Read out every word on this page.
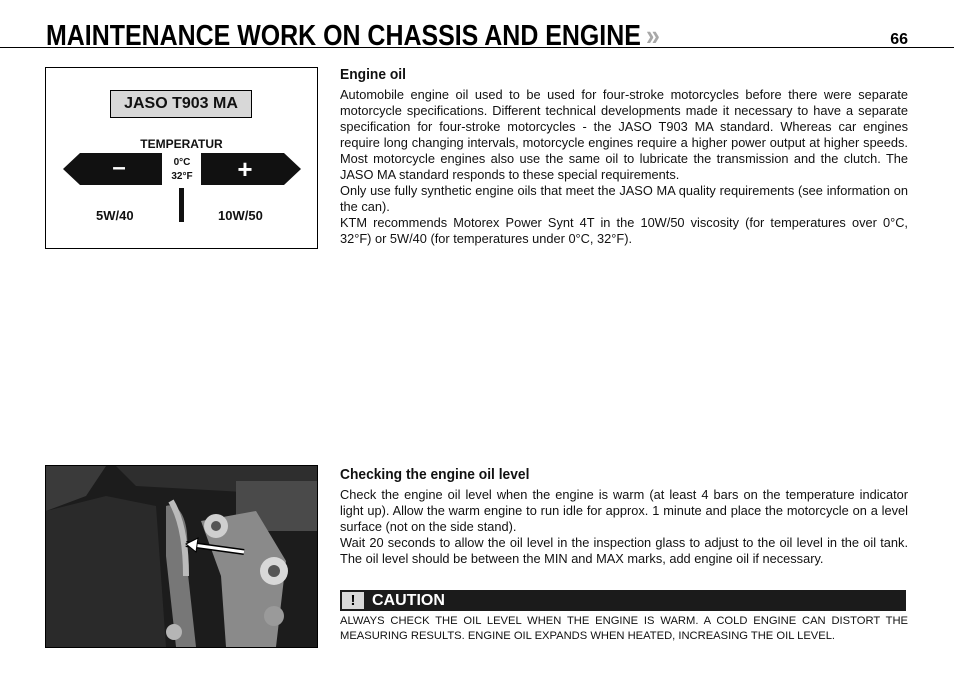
MAINTENANCE WORK ON CHASSIS AND ENGINE »	66
JASO T903 MA
TEMPERATUR
–	+
0°C
32°F
5W/40	10W/50
Engine oil

Automobile engine oil used to be used for four-stroke motorcycles before there were separate motorcycle specifications. Different technical developments made it necessary to have a separate specification for four-stroke motorcycles - the JASO T903 MA standard. Whereas car engines require long changing intervals, motorcycle engines require a higher power output at higher speeds. Most motorcycle engines also use the same oil to lubricate the transmission and the clutch. The JASO MA standard responds to these special requirements.

Only use fully synthetic engine oils that meet the JASO MA quality requirements (see information on the can).

KTM recommends Motorex Power Synt 4T in the 10W/50 viscosity (for temperatures over 0°C, 32°F) or 5W/40 (for temperatures under 0°C, 32°F).

Checking the engine oil level

Check the engine oil level when the engine is warm (at least 4 bars on the temperature indicator light up). Allow the warm engine to run idle for approx. 1 minute and place the motorcycle on a level surface (not on the side stand).

Wait 20 seconds to allow the oil level in the inspection glass to adjust to the oil level in the oil tank. The oil level should be between the MIN and MAX marks, add engine oil if necessary.

!	CAUTION

ALWAYS CHECK THE OIL LEVEL WHEN THE ENGINE IS WARM. A COLD ENGINE CAN DISTORT THE MEASURING RESULTS. ENGINE OIL EXPANDS WHEN HEATED, INCREASING THE OIL LEVEL.
